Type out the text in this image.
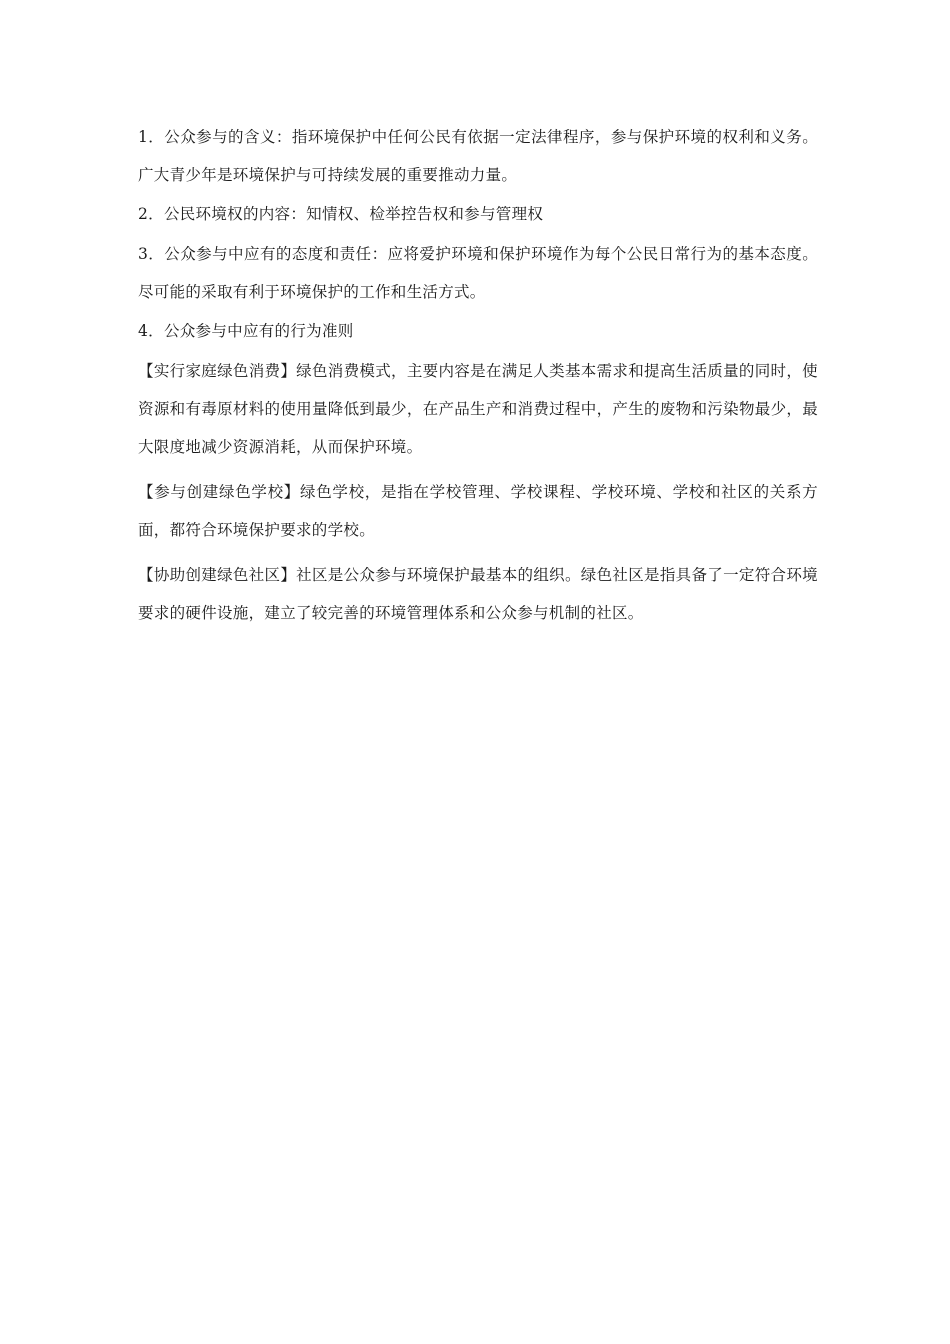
1．公众参与的含义：指环境保护中任何公民有依据一定法律程序，参与保护环境的权利和义务。广大青少年是环境保护与可持续发展的重要推动力量。

2．公民环境权的内容：知情权、检举控告权和参与管理权

3．公众参与中应有的态度和责任：应将爱护环境和保护环境作为每个公民日常行为的基本态度。尽可能的采取有利于环境保护的工作和生活方式。

4．公众参与中应有的行为准则

【实行家庭绿色消费】绿色消费模式，主要内容是在满足人类基本需求和提高生活质量的同时，使资源和有毒原材料的使用量降低到最少，在产品生产和消费过程中，产生的废物和污染物最少，最大限度地减少资源消耗，从而保护环境。

【参与创建绿色学校】绿色学校，是指在学校管理、学校课程、学校环境、学校和社区的关系方面，都符合环境保护要求的学校。

【协助创建绿色社区】社区是公众参与环境保护最基本的组织。绿色社区是指具备了一定符合环境要求的硬件设施，建立了较完善的环境管理体系和公众参与机制的社区。
